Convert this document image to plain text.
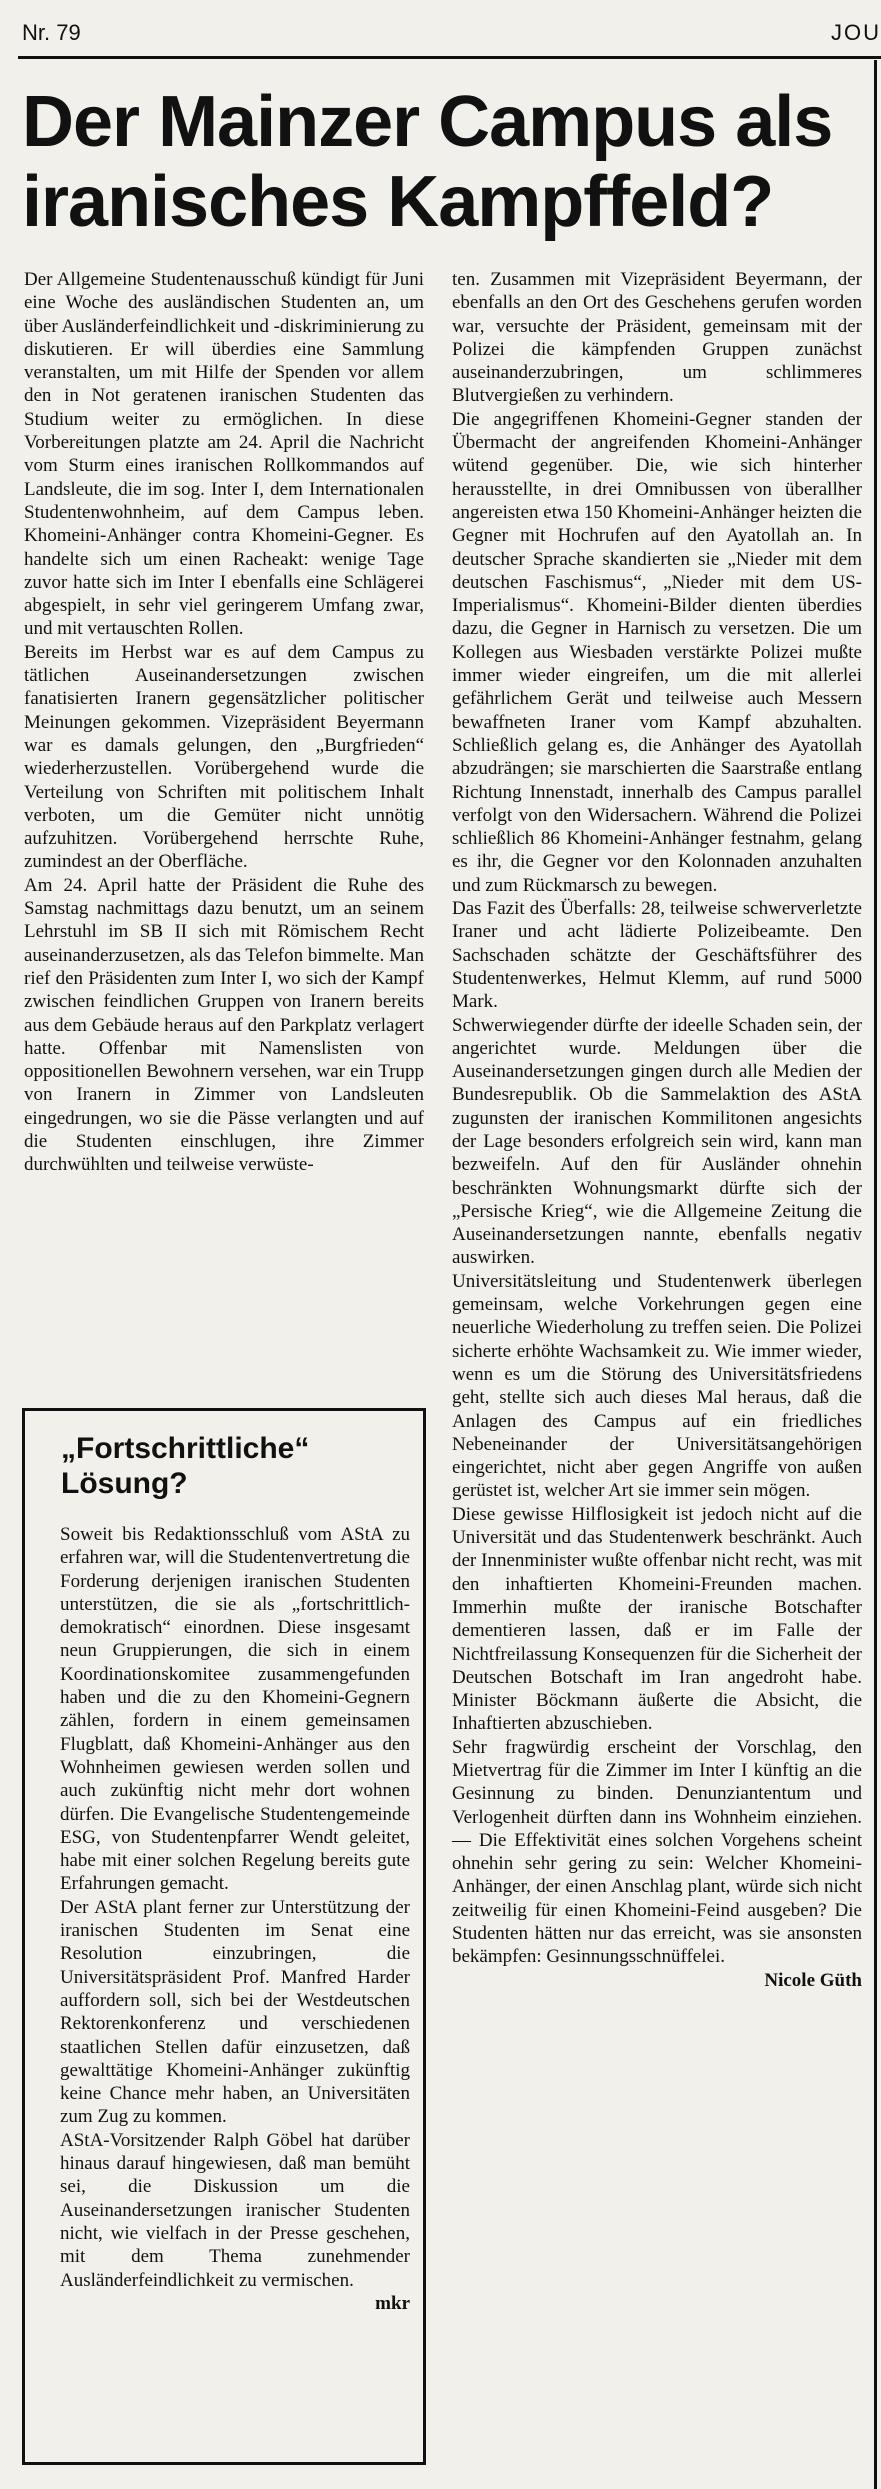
Nr. 79	JOU
Der Mainzer Campus als
iranisches Kampffeld?

Der Allgemeine Studentenausschuß kündigt für Juni eine Woche des ausländischen Studenten an, um über Ausländerfeindlichkeit und -diskriminierung zu diskutieren. Er will überdies eine Sammlung veranstalten, um mit Hilfe der Spenden vor allem den in Not geratenen iranischen Studenten das Studium weiter zu ermöglichen. In diese Vorbereitungen platzte am 24. April die Nachricht vom Sturm eines iranischen Rollkommandos auf Landsleute, die im sog. Inter I, dem Internationalen Studentenwohnheim, auf dem Campus leben. Khomeini-Anhänger contra Khomeini-Gegner. Es handelte sich um einen Racheakt: wenige Tage zuvor hatte sich im Inter I ebenfalls eine Schlägerei abgespielt, in sehr viel geringerem Umfang zwar, und mit vertauschten Rollen.

Bereits im Herbst war es auf dem Campus zu tätlichen Auseinandersetzungen zwischen fanatisierten Iranern gegensätzlicher politischer Meinungen gekommen. Vizepräsident Beyermann war es damals gelungen, den „Burgfrieden“ wiederherzustellen. Vorübergehend wurde die Verteilung von Schriften mit politischem Inhalt verboten, um die Gemüter nicht unnötig aufzuhitzen. Vorübergehend herrschte Ruhe, zumindest an der Oberfläche.

Am 24. April hatte der Präsident die Ruhe des Samstag nachmittags dazu benutzt, um an seinem Lehrstuhl im SB II sich mit Römischem Recht auseinanderzusetzen, als das Telefon bimmelte. Man rief den Präsidenten zum Inter I, wo sich der Kampf zwischen feindlichen Gruppen von Iranern bereits aus dem Gebäude heraus auf den Parkplatz verlagert hatte. Offenbar mit Namenslisten von oppositionellen Bewohnern versehen, war ein Trupp von Iranern in Zimmer von Landsleuten eingedrungen, wo sie die Pässe verlangten und auf die Studenten einschlugen, ihre Zimmer durchwühlten und teilweise verwüste-

ten. Zusammen mit Vizepräsident Beyermann, der ebenfalls an den Ort des Geschehens gerufen worden war, versuchte der Präsident, gemeinsam mit der Polizei die kämpfenden Gruppen zunächst auseinanderzubringen, um schlimmeres Blutvergießen zu verhindern.

Die angegriffenen Khomeini-Gegner standen der Übermacht der angreifenden Khomeini-Anhänger wütend gegenüber. Die, wie sich hinterher herausstellte, in drei Omnibussen von überallher angereisten etwa 150 Khomeini-Anhänger heizten die Gegner mit Hochrufen auf den Ayatollah an. In deutscher Sprache skandierten sie „Nieder mit dem deutschen Faschismus“, „Nieder mit dem US-Imperialismus“. Khomeini-Bilder dienten überdies dazu, die Gegner in Harnisch zu versetzen. Die um Kollegen aus Wiesbaden verstärkte Polizei mußte immer wieder eingreifen, um die mit allerlei gefährlichem Gerät und teilweise auch Messern bewaffneten Iraner vom Kampf abzuhalten. Schließlich gelang es, die Anhänger des Ayatollah abzudrängen; sie marschierten die Saarstraße entlang Richtung Innenstadt, innerhalb des Campus parallel verfolgt von den Widersachern. Während die Polizei schließlich 86 Khomeini-Anhänger festnahm, gelang es ihr, die Gegner vor den Kolonnaden anzuhalten und zum Rückmarsch zu bewegen.

Das Fazit des Überfalls: 28, teilweise schwerverletzte Iraner und acht lädierte Polizeibeamte. Den Sachschaden schätzte der Geschäftsführer des Studentenwerkes, Helmut Klemm, auf rund 5000 Mark.

Schwerwiegender dürfte der ideelle Schaden sein, der angerichtet wurde. Meldungen über die Auseinandersetzungen gingen durch alle Medien der Bundesrepublik. Ob die Sammelaktion des AStA zugunsten der iranischen Kommilitonen angesichts der Lage besonders erfolgreich sein wird, kann man bezweifeln. Auf den für Ausländer ohnehin beschränkten Wohnungsmarkt dürfte sich der „Persische Krieg“, wie die Allgemeine Zeitung die Auseinandersetzungen nannte, ebenfalls negativ auswirken.

Universitätsleitung und Studentenwerk überlegen gemeinsam, welche Vorkehrungen gegen eine neuerliche Wiederholung zu treffen seien. Die Polizei sicherte erhöhte Wachsamkeit zu. Wie immer wieder, wenn es um die Störung des Universitätsfriedens geht, stellte sich auch dieses Mal heraus, daß die Anlagen des Campus auf ein friedliches Nebeneinander der Universitätsangehörigen eingerichtet, nicht aber gegen Angriffe von außen gerüstet ist, welcher Art sie immer sein mögen.

Diese gewisse Hilflosigkeit ist jedoch nicht auf die Universität und das Studentenwerk beschränkt. Auch der Innenminister wußte offenbar nicht recht, was mit den inhaftierten Khomeini-Freunden machen. Immerhin mußte der iranische Botschafter dementieren lassen, daß er im Falle der Nichtfreilassung Konsequenzen für die Sicherheit der Deutschen Botschaft im Iran angedroht habe. Minister Böckmann äußerte die Absicht, die Inhaftierten abzuschieben.

Sehr fragwürdig erscheint der Vorschlag, den Mietvertrag für die Zimmer im Inter I künftig an die Gesinnung zu binden. Denunziantentum und Verlogenheit dürften dann ins Wohnheim einziehen. — Die Effektivität eines solchen Vorgehens scheint ohnehin sehr gering zu sein: Welcher Khomeini-Anhänger, der einen Anschlag plant, würde sich nicht zeitweilig für einen Khomeini-Feind ausgeben? Die Studenten hätten nur das erreicht, was sie ansonsten bekämpfen: Gesinnungsschnüffelei.

Nicole Güth

„Fortschrittliche“
Lösung?

Soweit bis Redaktionsschluß vom AStA zu erfahren war, will die Studentenvertretung die Forderung derjenigen iranischen Studenten unterstützen, die sie als „fortschrittlich-demokratisch“ einordnen. Diese insgesamt neun Gruppierungen, die sich in einem Koordinationskomitee zusammengefunden haben und die zu den Khomeini-Gegnern zählen, fordern in einem gemeinsamen Flugblatt, daß Khomeini-Anhänger aus den Wohnheimen gewiesen werden sollen und auch zukünftig nicht mehr dort wohnen dürfen. Die Evangelische Studentengemeinde ESG, von Studentenpfarrer Wendt geleitet, habe mit einer solchen Regelung bereits gute Erfahrungen gemacht.

Der AStA plant ferner zur Unterstützung der iranischen Studenten im Senat eine Resolution einzubringen, die Universitätspräsident Prof. Manfred Harder auffordern soll, sich bei der Westdeutschen Rektorenkonferenz und verschiedenen staatlichen Stellen dafür einzusetzen, daß gewalttätige Khomeini-Anhänger zukünftig keine Chance mehr haben, an Universitäten zum Zug zu kommen.

AStA-Vorsitzender Ralph Göbel hat darüber hinaus darauf hingewiesen, daß man bemüht sei, die Diskussion um die Auseinandersetzungen iranischer Studenten nicht, wie vielfach in der Presse geschehen, mit dem Thema zunehmender Ausländerfeindlichkeit zu vermischen.

mkr
